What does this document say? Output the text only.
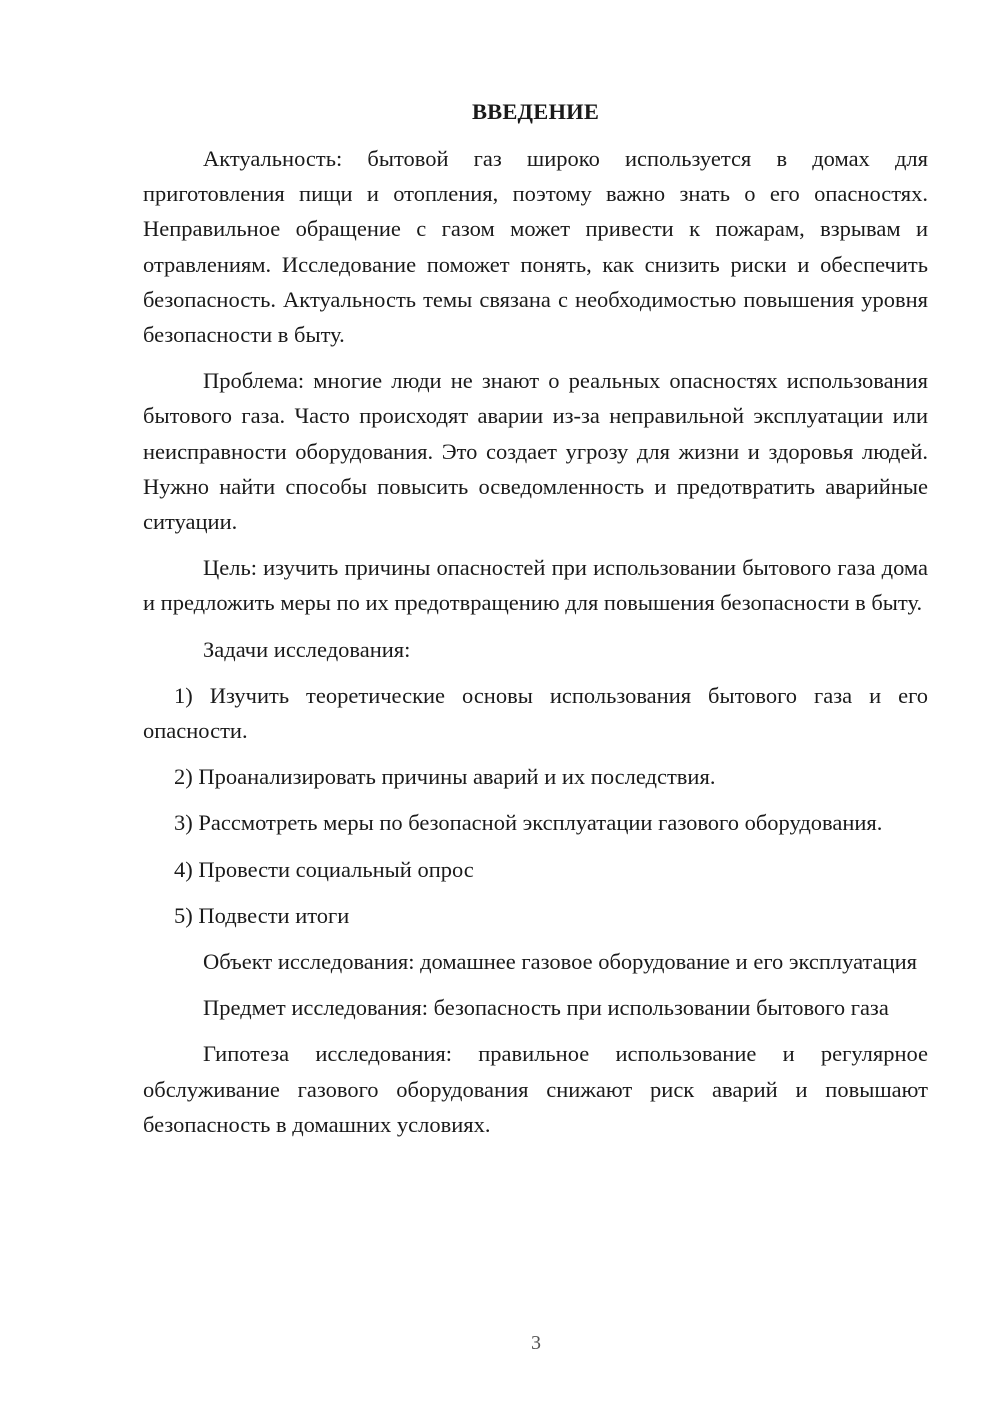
ВВЕДЕНИЕ

Актуальность: бытовой газ широко используется в домах для приготовления пищи и отопления, поэтому важно знать о его опасностях. Неправильное обращение с газом может привести к пожарам, взрывам и отравлениям. Исследование поможет понять, как снизить риски и обеспечить безопасность. Актуальность темы связана с необходимостью повышения уровня безопасности в быту.

Проблема: многие люди не знают о реальных опасностях использования бытового газа. Часто происходят аварии из-за неправильной эксплуатации или неисправности оборудования. Это создает угрозу для жизни и здоровья людей. Нужно найти способы повысить осведомленность и предотвратить аварийные ситуации.

Цель: изучить причины опасностей при использовании бытового газа дома и предложить меры по их предотвращению для повышения безопасности в быту.

Задачи исследования:

1) Изучить теоретические основы использования бытового газа и его опасности.

2) Проанализировать причины аварий и их последствия.

3) Рассмотреть меры по безопасной эксплуатации газового оборудования.

4) Провести социальный опрос

5) Подвести итоги

Объект исследования: домашнее газовое оборудование и его эксплуатация

Предмет исследования: безопасность при использовании бытового газа

Гипотеза исследования: правильное использование и регулярное обслуживание газового оборудования снижают риск аварий и повышают безопасность в домашних условиях.

3
